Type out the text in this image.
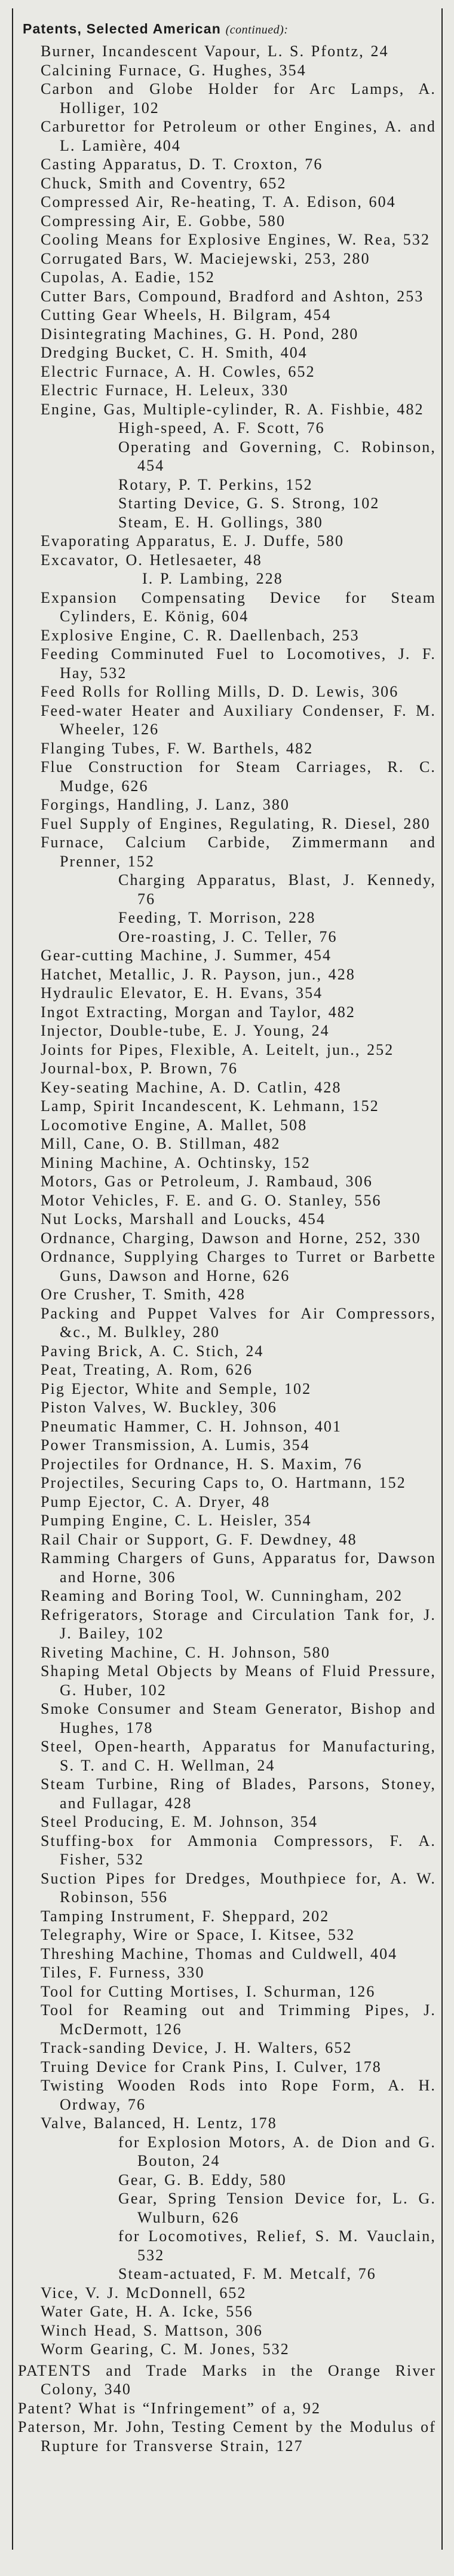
Patents, Selected American (continued):
Burner, Incandescent Vapour, L. S. Pfontz, 24
Calcining Furnace, G. Hughes, 354
Carbon and Globe Holder for Arc Lamps, A. Holliger, 102
Carburettor for Petroleum or other Engines, A. and L. Lamière, 404
Casting Apparatus, D. T. Croxton, 76
Chuck, Smith and Coventry, 652
Compressed Air, Re-heating, T. A. Edison, 604
Compressing Air, E. Gobbe, 580
Cooling Means for Explosive Engines, W. Rea, 532
Corrugated Bars, W. Maciejewski, 253, 280
Cupolas, A. Eadie, 152
Cutter Bars, Compound, Bradford and Ashton, 253
Cutting Gear Wheels, H. Bilgram, 454
Disintegrating Machines, G. H. Pond, 280
Dredging Bucket, C. H. Smith, 404
Electric Furnace, A. H. Cowles, 652
Electric Furnace, H. Leleux, 330
Engine, Gas, Multiple-cylinder, R. A. Fishbie, 482
High-speed, A. F. Scott, 76
Operating and Governing, C. Robinson, 454
Rotary, P. T. Perkins, 152
Starting Device, G. S. Strong, 102
Steam, E. H. Gollings, 380
Evaporating Apparatus, E. J. Duffe, 580
Excavator, O. Hetlesaeter, 48
I. P. Lambing, 228
Expansion Compensating Device for Steam Cylinders, E. König, 604
Explosive Engine, C. R. Daellenbach, 253
Feeding Comminuted Fuel to Locomotives, J. F. Hay, 532
Feed Rolls for Rolling Mills, D. D. Lewis, 306
Feed-water Heater and Auxiliary Condenser, F. M. Wheeler, 126
Flanging Tubes, F. W. Barthels, 482
Flue Construction for Steam Carriages, R. C. Mudge, 626
Forgings, Handling, J. Lanz, 380
Fuel Supply of Engines, Regulating, R. Diesel, 280
Furnace, Calcium Carbide, Zimmermann and Prenner, 152
Charging Apparatus, Blast, J. Kennedy, 76
Feeding, T. Morrison, 228
Ore-roasting, J. C. Teller, 76
Gear-cutting Machine, J. Summer, 454
Hatchet, Metallic, J. R. Payson, jun., 428
Hydraulic Elevator, E. H. Evans, 354
Ingot Extracting, Morgan and Taylor, 482
Injector, Double-tube, E. J. Young, 24
Joints for Pipes, Flexible, A. Leitelt, jun., 252
Journal-box, P. Brown, 76
Key-seating Machine, A. D. Catlin, 428
Lamp, Spirit Incandescent, K. Lehmann, 152
Locomotive Engine, A. Mallet, 508
Mill, Cane, O. B. Stillman, 482
Mining Machine, A. Ochtinsky, 152
Motors, Gas or Petroleum, J. Rambaud, 306
Motor Vehicles, F. E. and G. O. Stanley, 556
Nut Locks, Marshall and Loucks, 454
Ordnance, Charging, Dawson and Horne, 252, 330
Ordnance, Supplying Charges to Turret or Barbette Guns, Dawson and Horne, 626
Ore Crusher, T. Smith, 428
Packing and Puppet Valves for Air Compressors, &c., M. Bulkley, 280
Paving Brick, A. C. Stich, 24
Peat, Treating, A. Rom, 626
Pig Ejector, White and Semple, 102
Piston Valves, W. Buckley, 306
Pneumatic Hammer, C. H. Johnson, 401
Power Transmission, A. Lumis, 354
Projectiles for Ordnance, H. S. Maxim, 76
Projectiles, Securing Caps to, O. Hartmann, 152
Pump Ejector, C. A. Dryer, 48
Pumping Engine, C. L. Heisler, 354
Rail Chair or Support, G. F. Dewdney, 48
Ramming Chargers of Guns, Apparatus for, Dawson and Horne, 306
Reaming and Boring Tool, W. Cunningham, 202
Refrigerators, Storage and Circulation Tank for, J. J. Bailey, 102
Riveting Machine, C. H. Johnson, 580
Shaping Metal Objects by Means of Fluid Pressure, G. Huber, 102
Smoke Consumer and Steam Generator, Bishop and Hughes, 178
Steel, Open-hearth, Apparatus for Manufacturing, S. T. and C. H. Wellman, 24
Steam Turbine, Ring of Blades, Parsons, Stoney, and Fullagar, 428
Steel Producing, E. M. Johnson, 354
Stuffing-box for Ammonia Compressors, F. A. Fisher, 532
Suction Pipes for Dredges, Mouthpiece for, A. W. Robinson, 556
Tamping Instrument, F. Sheppard, 202
Telegraphy, Wire or Space, I. Kitsee, 532
Threshing Machine, Thomas and Culdwell, 404
Tiles, F. Furness, 330
Tool for Cutting Mortises, I. Schurman, 126
Tool for Reaming out and Trimming Pipes, J. McDermott, 126
Track-sanding Device, J. H. Walters, 652
Truing Device for Crank Pins, I. Culver, 178
Twisting Wooden Rods into Rope Form, A. H. Ordway, 76
Valve, Balanced, H. Lentz, 178
for Explosion Motors, A. de Dion and G. Bouton, 24
Gear, G. B. Eddy, 580
Gear, Spring Tension Device for, L. G. Wulburn, 626
for Locomotives, Relief, S. M. Vauclain, 532
Steam-actuated, F. M. Metcalf, 76
Vice, V. J. McDonnell, 652
Water Gate, H. A. Icke, 556
Winch Head, S. Mattson, 306
Worm Gearing, C. M. Jones, 532
PATENTS and Trade Marks in the Orange River Colony, 340
Patent? What is “Infringement” of a, 92
Paterson, Mr. John, Testing Cement by the Modulus of Rupture for Transverse Strain, 127
